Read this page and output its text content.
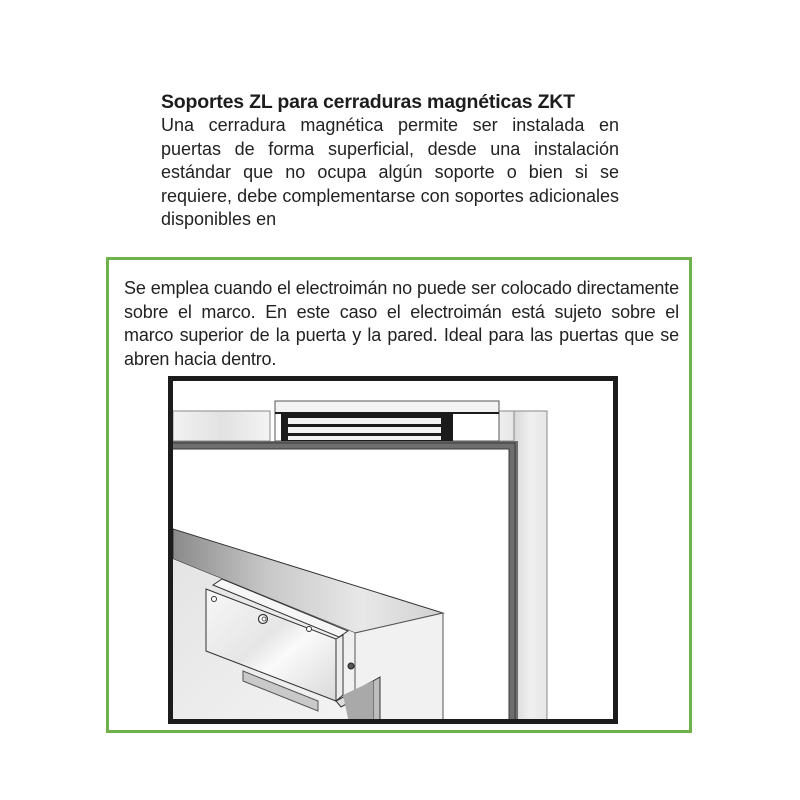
Soportes ZL para cerraduras magnéticas ZKT

Una cerradura magnética permite ser instalada en puertas de forma superficial, desde una instalación estándar que no ocupa algún soporte o bien si se requiere, debe complementarse con soportes adicionales disponibles en

Se emplea cuando el electroimán no puede ser colocado directamente sobre el marco. En este caso el electroimán está sujeto sobre el marco superior de la puerta y la pared. Ideal para las puertas que se abren hacia dentro.
